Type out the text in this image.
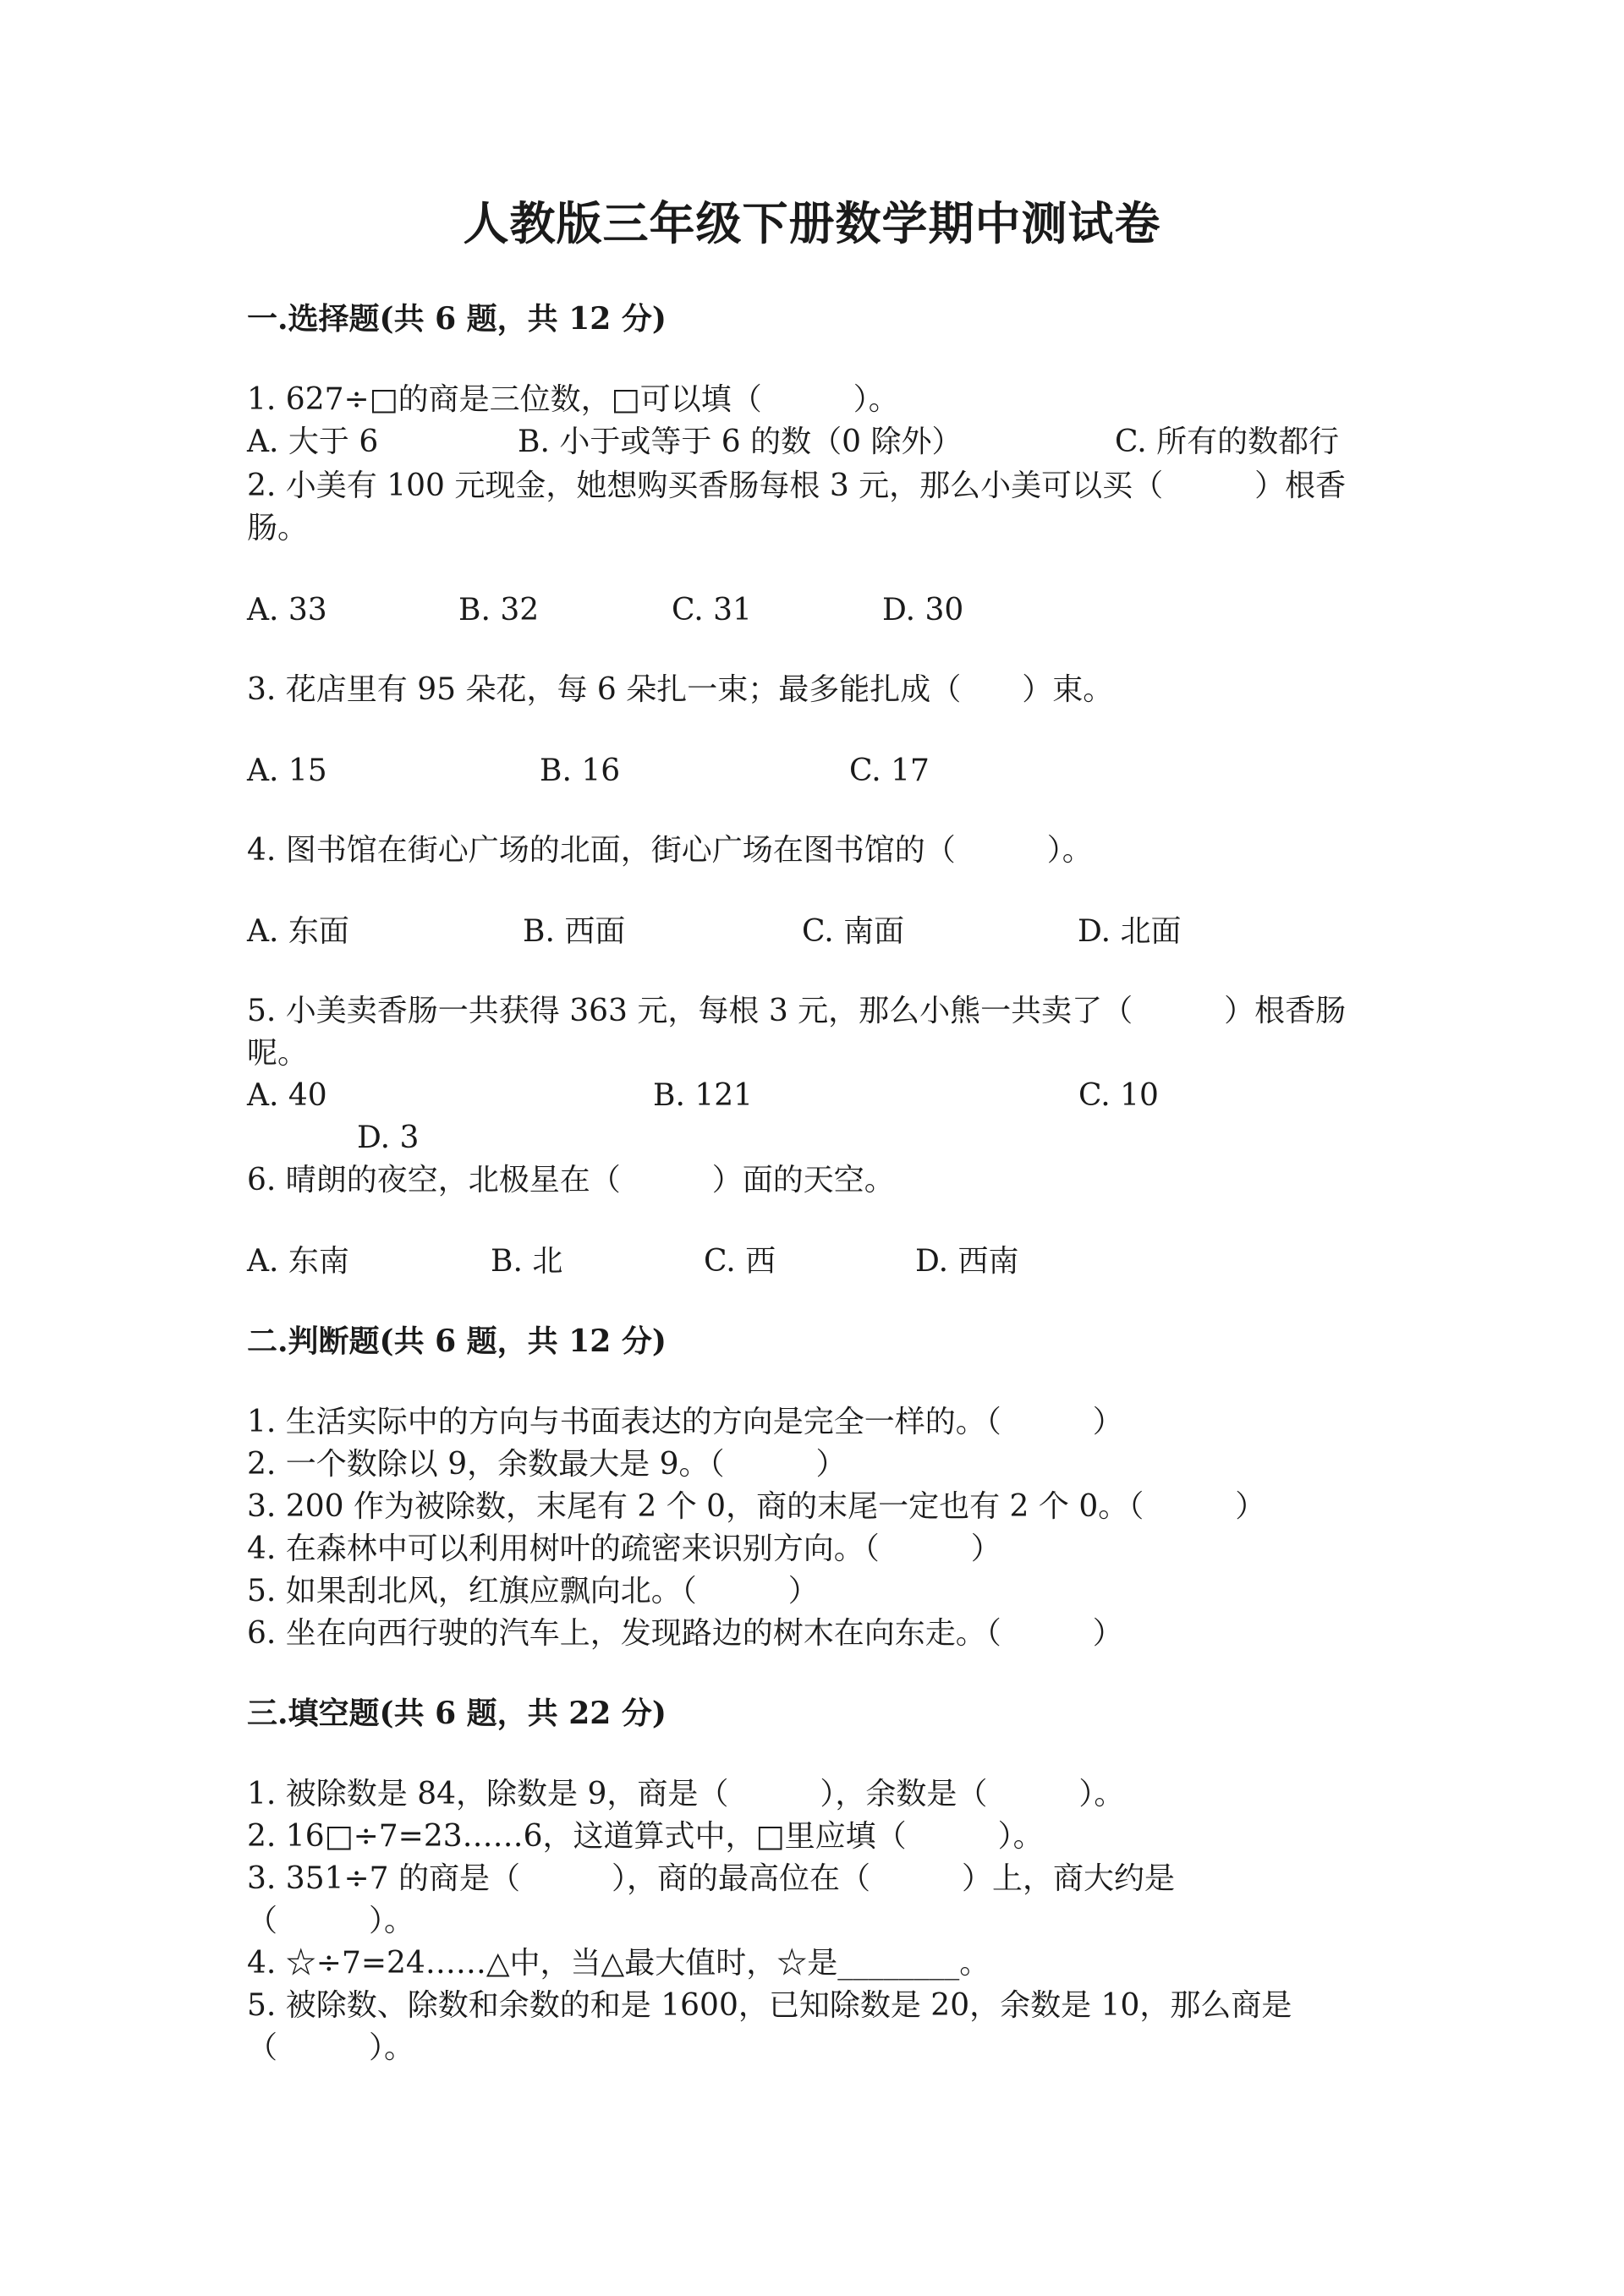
人教版三年级下册数学期中测试卷
一.选择题(共 6 题，共 12 分)
1. 627÷□的商是三位数，□可以填（　　　）。
A. 大于 6	B. 小于或等于 6 的数（0 除外）	C. 所有的数都行
2. 小美有 100 元现金，她想购买香肠每根 3 元，那么小美可以买（　　　）根香
肠。
A. 33	B. 32	C. 31	D. 30
3. 花店里有 95 朵花，每 6 朵扎一束；最多能扎成（　　）束。
A. 15	B. 16	C. 17
4. 图书馆在街心广场的北面，街心广场在图书馆的（　　　）。
A. 东面	B. 西面	C. 南面	D. 北面
5. 小美卖香肠一共获得 363 元，每根 3 元，那么小熊一共卖了（　　　）根香肠
呢。
A. 40	B. 121	C. 10
D. 3
6. 晴朗的夜空，北极星在（　　　）面的天空。
A. 东南	B. 北	C. 西	D. 西南
二.判断题(共 6 题，共 12 分)
1. 生活实际中的方向与书面表达的方向是完全一样的。（　　　）
2. 一个数除以 9，余数最大是 9。（　　　）
3. 200 作为被除数，末尾有 2 个 0，商的末尾一定也有 2 个 0。（　　　）
4. 在森林中可以利用树叶的疏密来识别方向。（　　　）
5. 如果刮北风，红旗应飘向北。（　　　）
6. 坐在向西行驶的汽车上，发现路边的树木在向东走。（　　　）
三.填空题(共 6 题，共 22 分)
1. 被除数是 84，除数是 9，商是（　　　），余数是（　　　）。
2. 16□÷7=23……6，这道算式中，□里应填（　　　）。
3. 351÷7 的商是（　　　），商的最高位在（　　　）上，商大约是
（　　　）。
4. ☆÷7=24……△中，当△最大值时，☆是________。
5. 被除数、除数和余数的和是 1600，已知除数是 20，余数是 10，那么商是
（　　　）。
